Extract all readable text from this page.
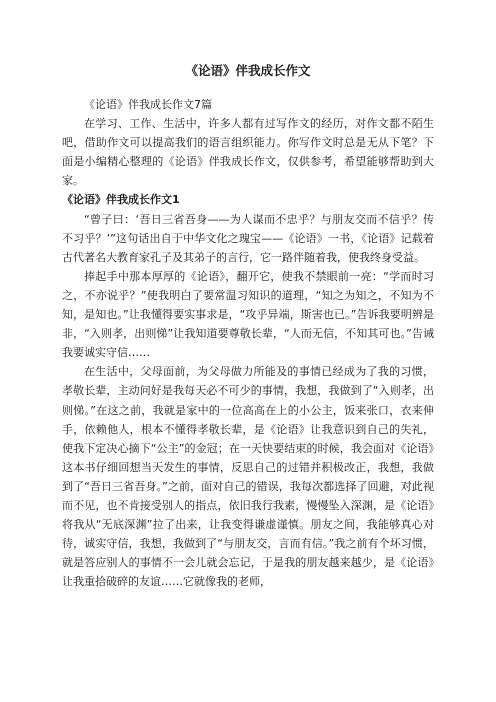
《论语》伴我成长作文

《论语》伴我成长作文7篇

在学习、工作、生活中，许多人都有过写作文的经历，对作文都不陌生吧，借助作文可以提高我们的语言组织能力。你写作文时总是无从下笔？下面是小编精心整理的《论语》伴我成长作文，仅供参考，希望能够帮助到大家。

《论语》伴我成长作文1

“曾子曰：‘吾日三省吾身——为人谋而不忠乎？与朋友交而不信乎？传不习乎？’”这句话出自于中华文化之瑰宝——《论语》一书，《论语》记载着古代著名大教育家孔子及其弟子的言行，它一路伴随着我，使我终身受益。

捧起手中那本厚厚的《论语》，翻开它，使我不禁眼前一亮：“学而时习之，不亦说乎？”使我明白了要常温习知识的道理，“知之为知之，不知为不知，是知也。”让我懂得要实事求是，“攻乎异端，斯害也已。”告诉我要明辨是非，“入则孝，出则悌”让我知道要尊敬长辈，“人而无信，不知其可也。”告诫我要诚实守信……

在生活中，父母面前，为父母做力所能及的事情已经成为了我的习惯，孝敬长辈，主动问好是我每天必不可少的事情，我想，我做到了“入则孝，出则悌。”在这之前，我就是家中的一位高高在上的小公主，饭来张口，衣来伸手，依赖他人，根本不懂得孝敬长辈，是《论语》让我意识到自己的失礼，使我下定决心摘下“公主”的金冠；在一天快要结束的时候，我会面对《论语》这本书仔细回想当天发生的事情，反思自己的过错并积极改正，我想，我做到了“吾日三省吾身。”之前，面对自己的错误，我每次都选择了回避，对此视而不见，也不肯接受别人的指点，依旧我行我素，慢慢坠入深渊，是《论语》将我从“无底深渊”拉了出来，让我变得谦虚谨慎。朋友之间，我能够真心对待，诚实守信，我想，我做到了“与朋友交，言而有信。”我之前有个坏习惯，就是答应别人的事情不一会儿就会忘记，于是我的朋友越来越少，是《论语》让我重拾破碎的友谊……它就像我的老师，
